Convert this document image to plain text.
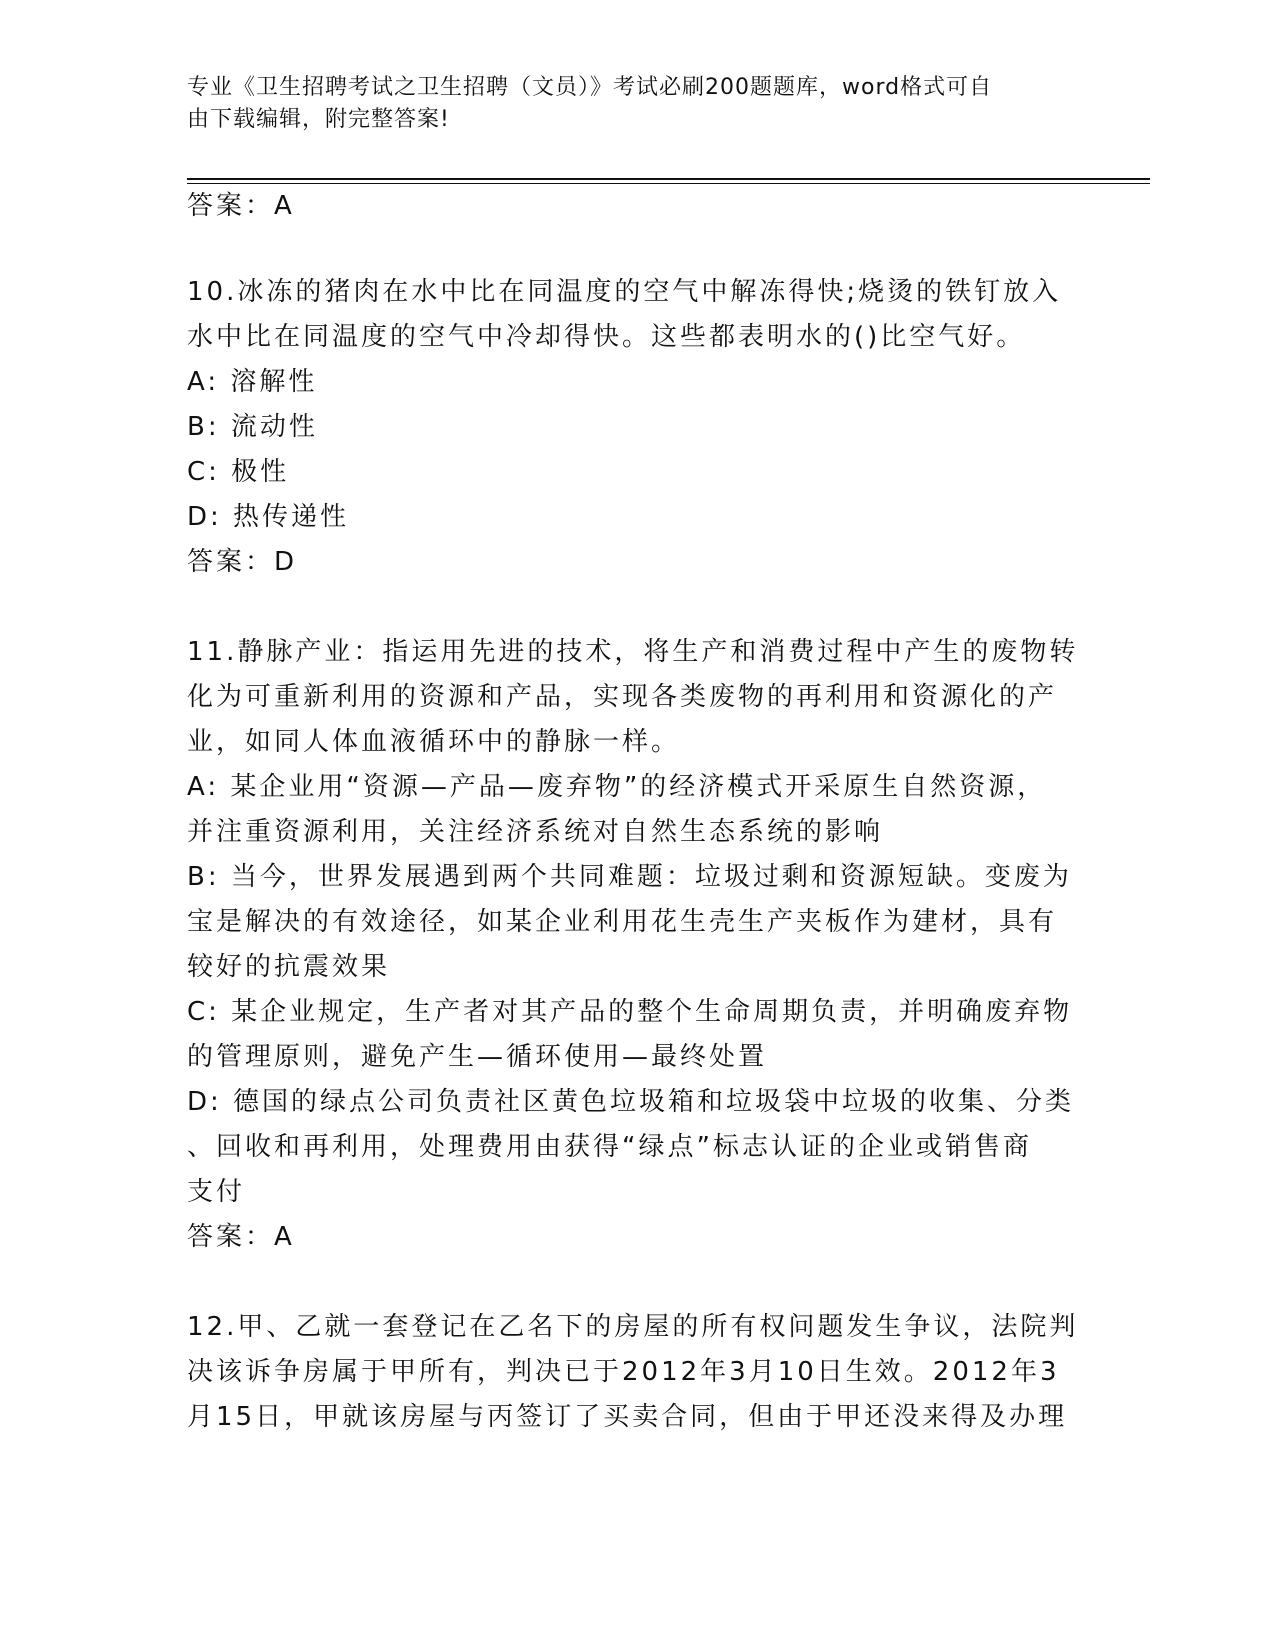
专业《卫生招聘考试之卫生招聘（文员）》考试必刷200题题库，word格式可自
由下载编辑，附完整答案!
答案：A
10.冰冻的猪肉在水中比在同温度的空气中解冻得快;烧烫的铁钉放入
水中比在同温度的空气中冷却得快。这些都表明水的()比空气好。
A: 溶解性
B: 流动性
C: 极性
D: 热传递性
答案：D
11.静脉产业：指运用先进的技术，将生产和消费过程中产生的废物转
化为可重新利用的资源和产品，实现各类废物的再利用和资源化的产
业，如同人体血液循环中的静脉一样。
A: 某企业用“资源—产品—废弃物”的经济模式开采原生自然资源，
并注重资源利用，关注经济系统对自然生态系统的影响
B: 当今，世界发展遇到两个共同难题：垃圾过剩和资源短缺。变废为
宝是解决的有效途径，如某企业利用花生壳生产夹板作为建材，具有
较好的抗震效果
C: 某企业规定，生产者对其产品的整个生命周期负责，并明确废弃物
的管理原则，避免产生—循环使用—最终处置
D: 德国的绿点公司负责社区黄色垃圾箱和垃圾袋中垃圾的收集、分类
、回收和再利用，处理费用由获得“绿点”标志认证的企业或销售商
支付
答案：A
12.甲、乙就一套登记在乙名下的房屋的所有权问题发生争议，法院判
决该诉争房属于甲所有，判决已于2012年3月10日生效。2012年3
月15日，甲就该房屋与丙签订了买卖合同，但由于甲还没来得及办理
